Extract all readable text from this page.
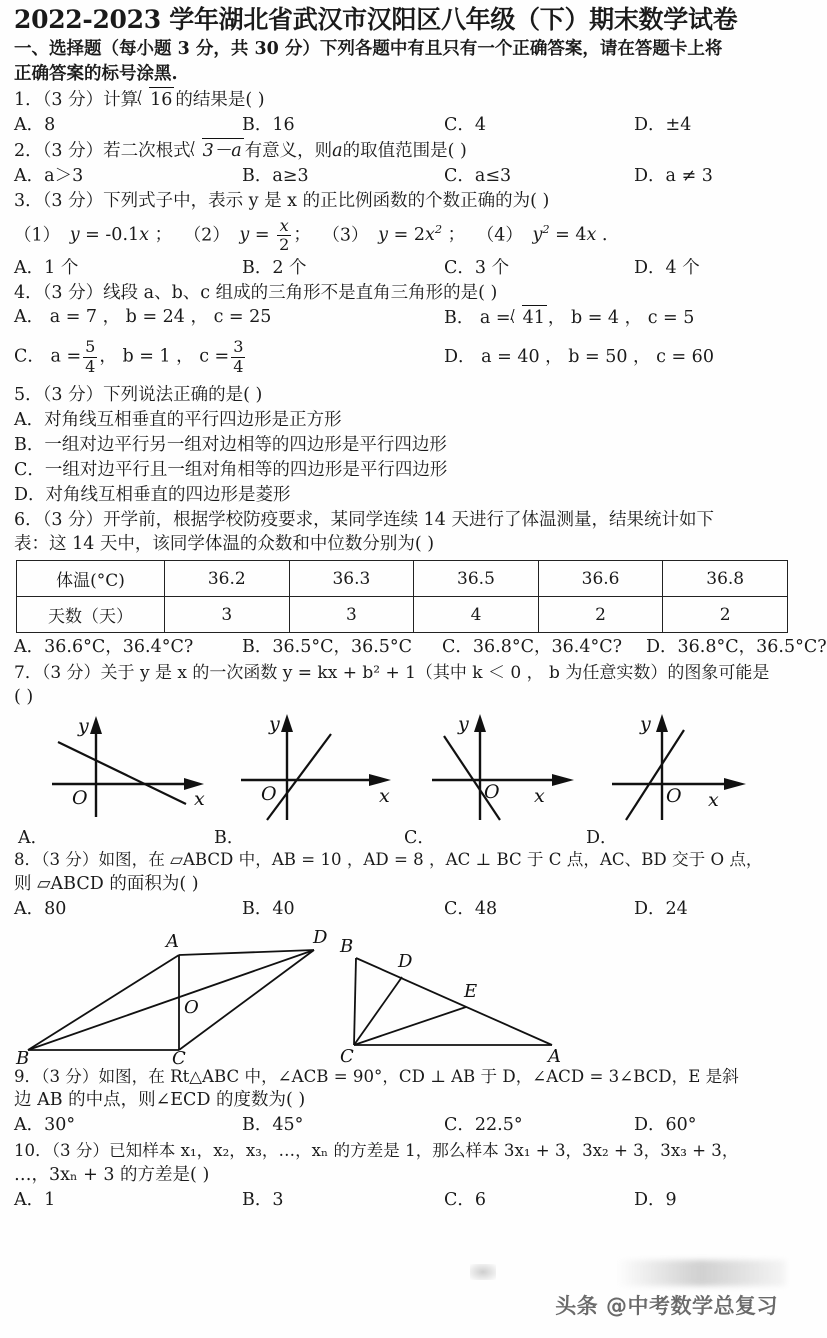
2022-2023 学年湖北省武汉市汉阳区八年级（下）期末数学试卷
一、选择题（每小题 3 分，共 30 分）下列各题中有且只有一个正确答案，请在答题卡上将
正确答案的标号涂黑.
1．（3 分）计算 16 的结果是( )
A．8	B．16	C．4	D．±4
2．（3 分）若二次根式 3－a 有意义，则a的取值范围是( )
A．a＞3	B．a≥3	C．a≤3	D．a ≠ 3
3．（3 分）下列式子中，表示 y 是 x 的正比例函数的个数正确的为( )
（1） y = -0.1x ； （2） $y = \frac{x}{2}$ ； （3） $y = 2x^2$ ； （4） $y^2 = 4x$ ．
A．1 个	B．2 个	C．3 个	D．4 个
4．（3 分）线段 a、b、c 组成的三角形不是直角三角形的是( )
A． a = 7 ， b = 24 ， c = 25	B． a = 41 ， b = 4 ， c = 5
C． $a = \frac{5}{4}$ ， b = 1 ， $c = \frac{3}{4}$	D． a = 40 ， b = 50 ， c = 60
5．（3 分）下列说法正确的是( )
A．对角线互相垂直的平行四边形是正方形
B．一组对边平行另一组对边相等的四边形是平行四边形
C．一组对边平行且一组对角相等的四边形是平行四边形
D．对角线互相垂直的四边形是菱形
6．（3 分）开学前，根据学校防疫要求，某同学连续 14 天进行了体温测量，结果统计如下
表：这 14 天中，该同学体温的众数和中位数分别为( )
体温(°C)	36.2	36.3	36.5	36.6	36.8
天数（天）	3	3	4	2	2
A．36.6°C，36.4°C?	B．36.5°C，36.5°C C．36.8°C，36.4°C? D．36.8°C，36.5°C?
7．（3 分）关于 y 是 x 的一次函数 y = kx + b² + 1（其中 k ＜ 0 ， b 为任意实数）的图象可能是
( )
y
x
O
y
x
O
y
x
O
y
x
O
A．	B．	C．	D．
8．（3 分）如图，在 ▱ABCD 中，AB = 10 ，AD = 8 ，AC ⊥ BC 于 C 点，AC、BD 交于 O 点，
则 ▱ABCD 的面积为( )
A．80	B．40	C．48	D．24
A	D
B	C
O
B
D
E
C	A
9．（3 分）如图，在 Rt△ABC 中，∠ACB = 90°，CD ⊥ AB 于 D，∠ACD = 3∠BCD，E 是斜
边 AB 的中点，则∠ECD 的度数为( )
A．30°	B．45°	C．22.5°	D．60°
10．（3 分）已知样本 x₁，x₂，x₃，…，xₙ 的方差是 1，那么样本 3x₁ + 3，3x₂ + 3，3x₃ + 3，
…，3xₙ + 3 的方差是( )
A．1	B．3	C．6	D．9
头条 @中考数学总复习
